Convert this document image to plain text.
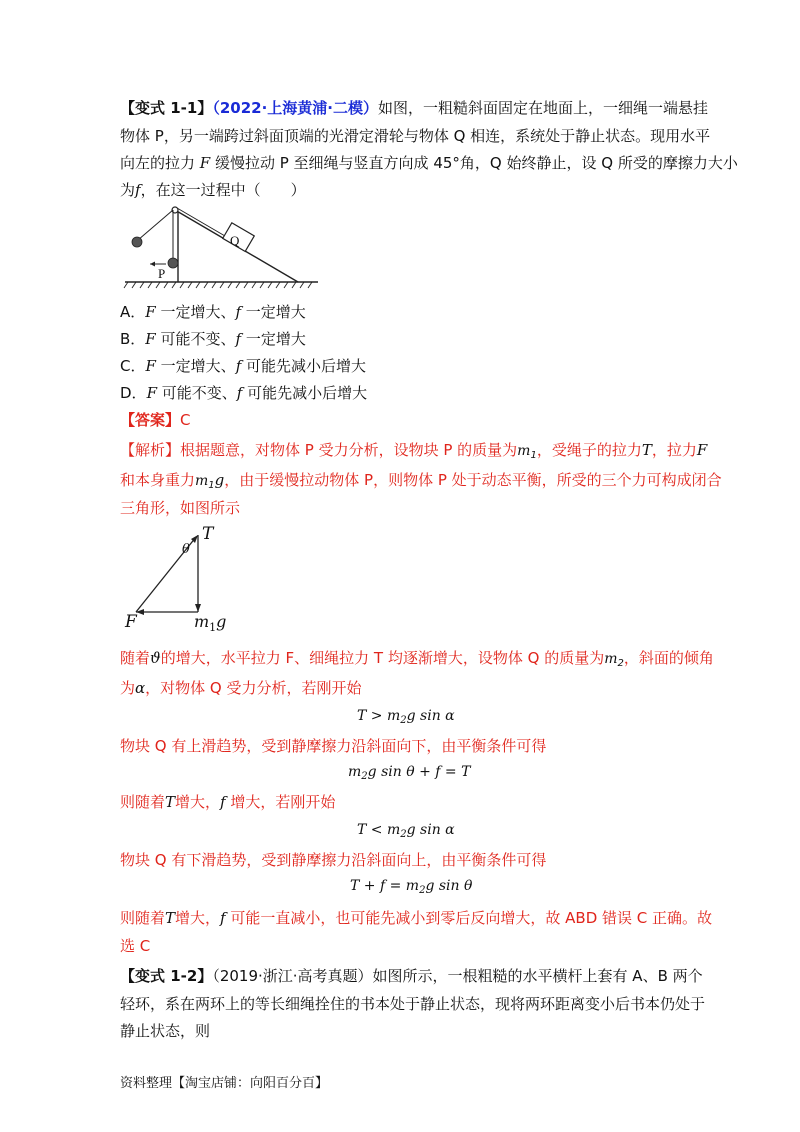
【变式 1-1】（2022·上海黄浦·二模）如图，一粗糙斜面固定在地面上，一细绳一端悬挂
物体 P，另一端跨过斜面顶端的光滑定滑轮与物体 Q 相连，系统处于静止状态。现用水平
向左的拉力 F 缓慢拉动 P 至细绳与竖直方向成 45°角，Q 始终静止，设 Q 所受的摩擦力大小
为f，在这一过程中（　　）
Q
P
A．F 一定增大、f 一定增大
B．F 可能不变、f 一定增大
C．F 一定增大、f 可能先减小后增大
D．F 可能不变、f 可能先减小后增大
【答案】C
【解析】根据题意，对物体 P 受力分析，设物块 P 的质量为$m_1$，受绳子的拉力T，拉力F
和本身重力$m_1g$，由于缓慢拉动物体 P，则物体 P 处于动态平衡，所受的三个力可构成闭合
三角形，如图所示
T
θ
F	$m_1g$
随着ϑ的增大，水平拉力 F、细绳拉力 T 均逐渐增大，设物体 Q 的质量为$m_2$，斜面的倾角
为α，对物体 Q 受力分析，若刚开始
$T > m_2g$ sin α
物块 Q 有上滑趋势，受到静摩擦力沿斜面向下，由平衡条件可得
$m_2g$ sin θ + f = T
则随着T增大，f 增大，若刚开始
$T < m_2g$ sin α
物块 Q 有下滑趋势，受到静摩擦力沿斜面向上，由平衡条件可得
$T + f = m_2g$ sin θ
则随着T增大，f 可能一直减小，也可能先减小到零后反向增大，故 ABD 错误 C 正确。故
选 C
【变式 1-2】（2019·浙江·高考真题）如图所示，一根粗糙的水平横杆上套有 A、B 两个
轻环，系在两环上的等长细绳拴住的书本处于静止状态，现将两环距离变小后书本仍处于
静止状态，则
资料整理【淘宝店铺：向阳百分百】
